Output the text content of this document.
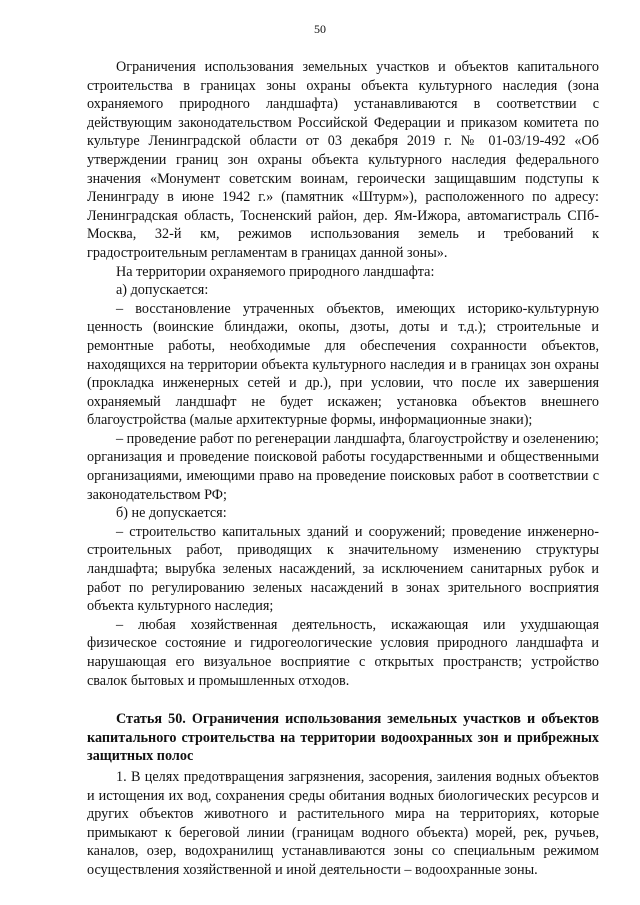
50

Ограничения использования земельных участков и объектов капитального строительства в границах зоны охраны объекта культурного наследия (зона охраняемого природного ландшафта) устанавливаются в соответствии с действующим законодательством Российской Федерации и приказом комитета по культуре Ленинградской области от 03 декабря 2019 г. № 01-03/19-492 «Об утверждении границ зон охраны объекта культурного наследия федерального значения «Монумент советским воинам, героически защищавшим подступы к Ленинграду в июне 1942 г.» (памятник «Штурм»), расположенного по адресу: Ленинградская область, Тосненский район, дер. Ям-Ижора, автомагистраль СПб-Москва, 32-й км, режимов использования земель и требований к градостроительным регламентам в границах данной зоны».

На территории охраняемого природного ландшафта:

а) допускается:

– восстановление утраченных объектов, имеющих историко-культурную ценность (воинские блиндажи, окопы, дзоты, доты и т.д.); строительные и ремонтные работы, необходимые для обеспечения сохранности объектов, находящихся на территории объекта культурного наследия и в границах зон охраны (прокладка инженерных сетей и др.), при условии, что после их завершения охраняемый ландшафт не будет искажен; установка объектов внешнего благоустройства (малые архитектурные формы, информационные знаки);

– проведение работ по регенерации ландшафта, благоустройству и озеленению; организация и проведение поисковой работы государственными и общественными организациями, имеющими право на проведение поисковых работ в соответствии с законодательством РФ;

б) не допускается:

– строительство капитальных зданий и сооружений; проведение инженерно-строительных работ, приводящих к значительному изменению структуры ландшафта; вырубка зеленых насаждений, за исключением санитарных рубок и работ по регулированию зеленых насаждений в зонах зрительного восприятия объекта культурного наследия;

– любая хозяйственная деятельность, искажающая или ухудшающая физическое состояние и гидрогеологические условия природного ландшафта и нарушающая его визуальное восприятие с открытых пространств; устройство свалок бытовых и промышленных отходов.

Статья 50. Ограничения использования земельных участков и объектов капитального строительства на территории водоохранных зон и прибрежных защитных полос

1. В целях предотвращения загрязнения, засорения, заиления водных объектов и истощения их вод, сохранения среды обитания водных биологических ресурсов и других объектов животного и растительного мира на территориях, которые примыкают к береговой линии (границам водного объекта) морей, рек, ручьев, каналов, озер, водохранилищ устанавливаются зоны со специальным режимом осуществления хозяйственной и иной деятельности – водоохранные зоны.
